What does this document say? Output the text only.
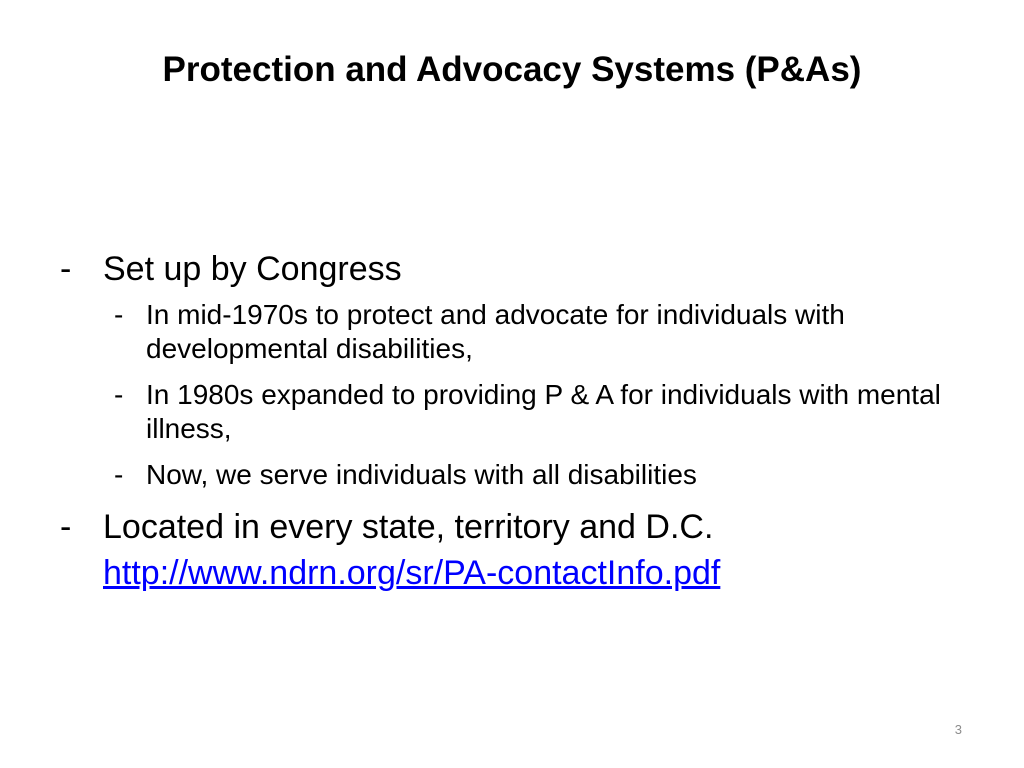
Protection and Advocacy Systems (P&As)
- Set up by Congress
- In mid-1970s to protect and advocate for individuals with developmental disabilities,
- In 1980s expanded to providing P & A for individuals with mental illness,
- Now, we serve individuals with all disabilities
- Located in every state, territory and D.C.
http://www.ndrn.org/sr/PA-contactInfo.pdf
3
